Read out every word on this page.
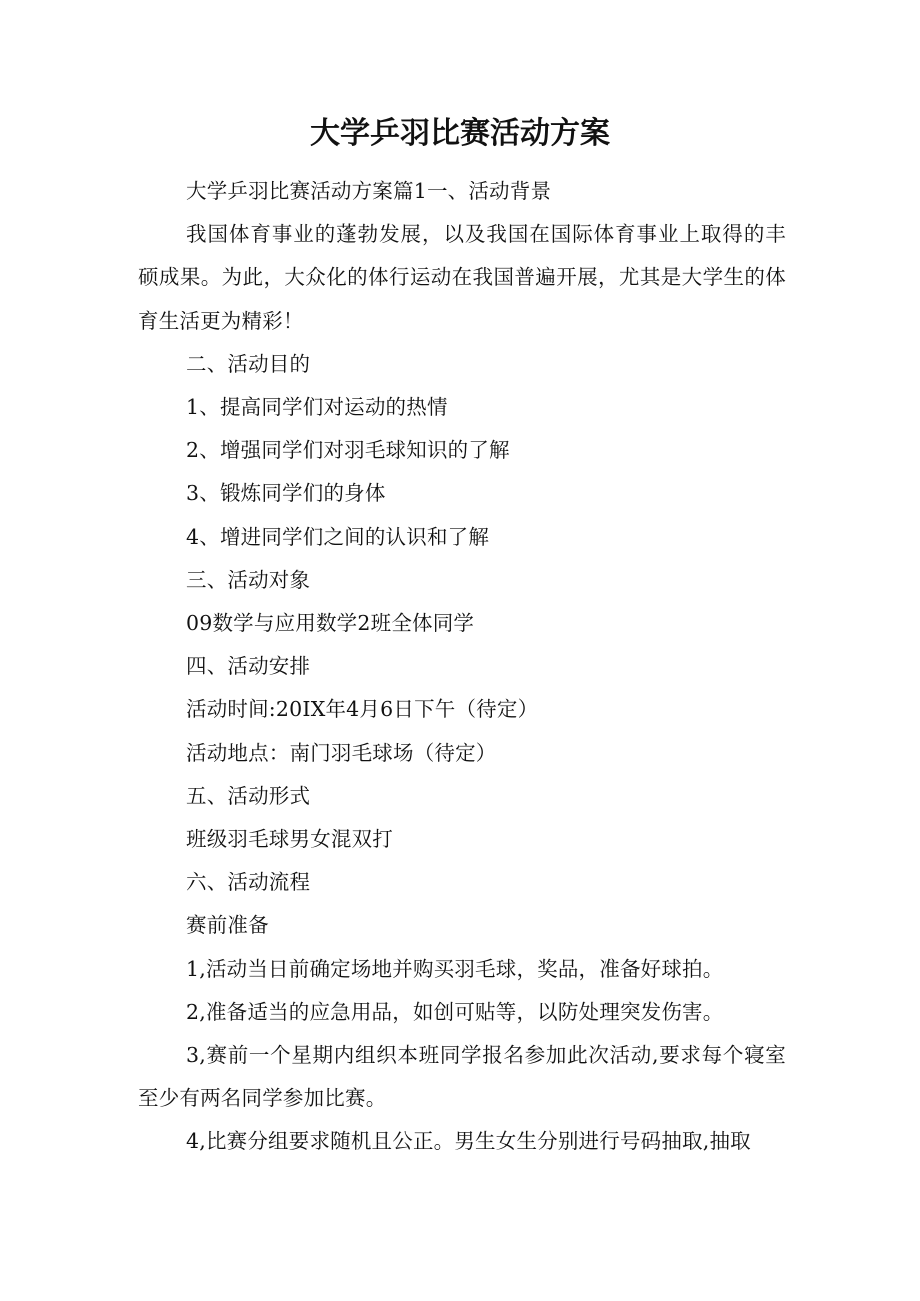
大学乒羽比赛活动方案

大学乒羽比赛活动方案篇1一、活动背景

我国体育事业的蓬勃发展，以及我国在国际体育事业上取得的丰硕成果。为此，大众化的体行运动在我国普遍开展，尤其是大学生的体育生活更为精彩！

二、活动目的

1、提高同学们对运动的热情

2、增强同学们对羽毛球知识的了解

3、锻炼同学们的身体

4、增进同学们之间的认识和了解

三、活动对象

09数学与应用数学2班全体同学

四、活动安排

活动时间:20IX年4月6日下午（待定）

活动地点：南门羽毛球场（待定）

五、活动形式

班级羽毛球男女混双打

六、活动流程

赛前准备

1,活动当日前确定场地并购买羽毛球，奖品，准备好球拍。

2,准备适当的应急用品，如创可贴等，以防处理突发伤害。

3,赛前一个星期内组织本班同学报名参加此次活动,要求每个寝室至少有两名同学参加比赛。

4,比赛分组要求随机且公正。男生女生分别进行号码抽取,抽取
